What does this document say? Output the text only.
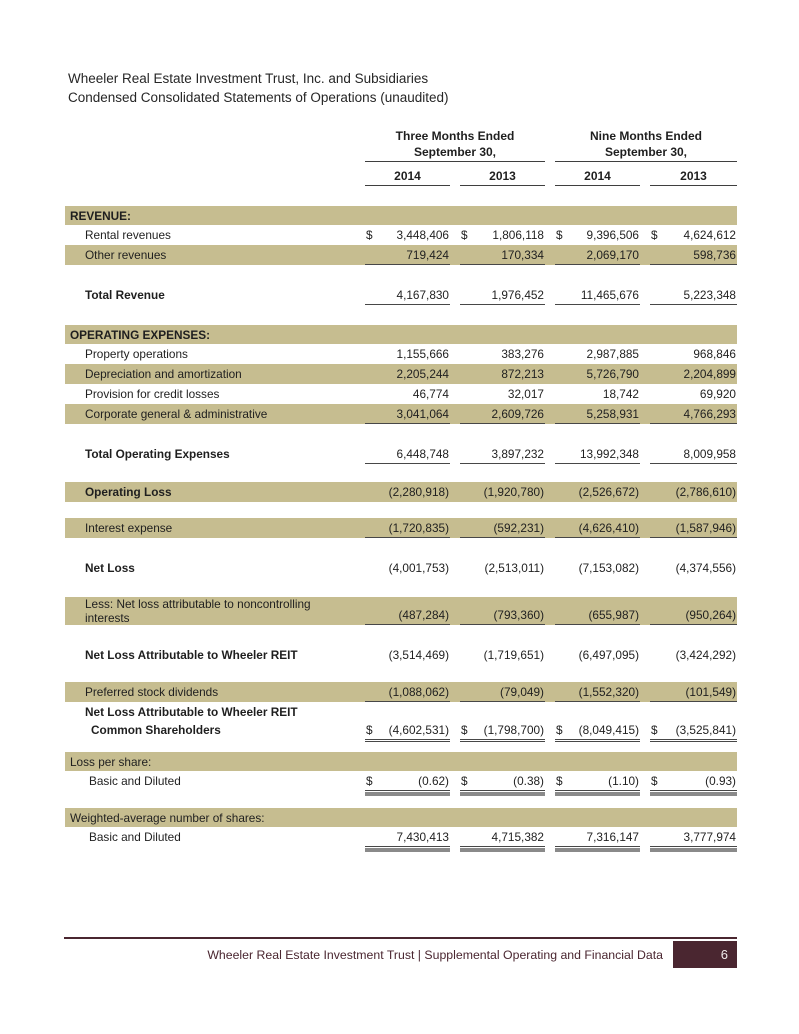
Wheeler Real Estate Investment Trust, Inc. and Subsidiaries
Condensed Consolidated Statements of Operations (unaudited)
Three Months Ended
September 30,
Nine Months Ended
September 30,
2014	2013	2014	2013
REVENUE:
Rental revenues	$ 3,448,406 $ 1,806,118 $ 9,396,506 $ 4,624,612
Other revenues	719,424	170,334	2,069,170	598,736
Total Revenue	4,167,830	1,976,452	11,465,676	5,223,348
OPERATING EXPENSES:
Property operations	1,155,666	383,276	2,987,885	968,846
Depreciation and amortization	2,205,244	872,213	5,726,790	2,204,899
Provision for credit losses	46,774	32,017	18,742	69,920
Corporate general & administrative	3,041,064	2,609,726	5,258,931	4,766,293
Total Operating Expenses	6,448,748	3,897,232	13,992,348	8,009,958
Operating Loss	(2,280,918)	(1,920,780)	(2,526,672)	(2,786,610)
Interest expense	(1,720,835)	(592,231)	(4,626,410)	(1,587,946)
Net Loss	(4,001,753)	(2,513,011)	(7,153,082)	(4,374,556)
Less: Net loss attributable to noncontrolling interests	(487,284)	(793,360)	(655,987)	(950,264)
Net Loss Attributable to Wheeler REIT	(3,514,469)	(1,719,651)	(6,497,095)	(3,424,292)
Preferred stock dividends	(1,088,062)	(79,049)	(1,552,320)	(101,549)
Net Loss Attributable to Wheeler REIT
Common Shareholders	$ (4,602,531) $ (1,798,700) $ (8,049,415) $ (3,525,841)
Loss per share:
Basic and Diluted	$	(0.62) $	(0.38) $	(1.10) $	(0.93)
Weighted-average number of shares:
Basic and Diluted	7,430,413	4,715,382	7,316,147	3,777,974
Wheeler Real Estate Investment Trust | Supplemental Operating and Financial Data	6
